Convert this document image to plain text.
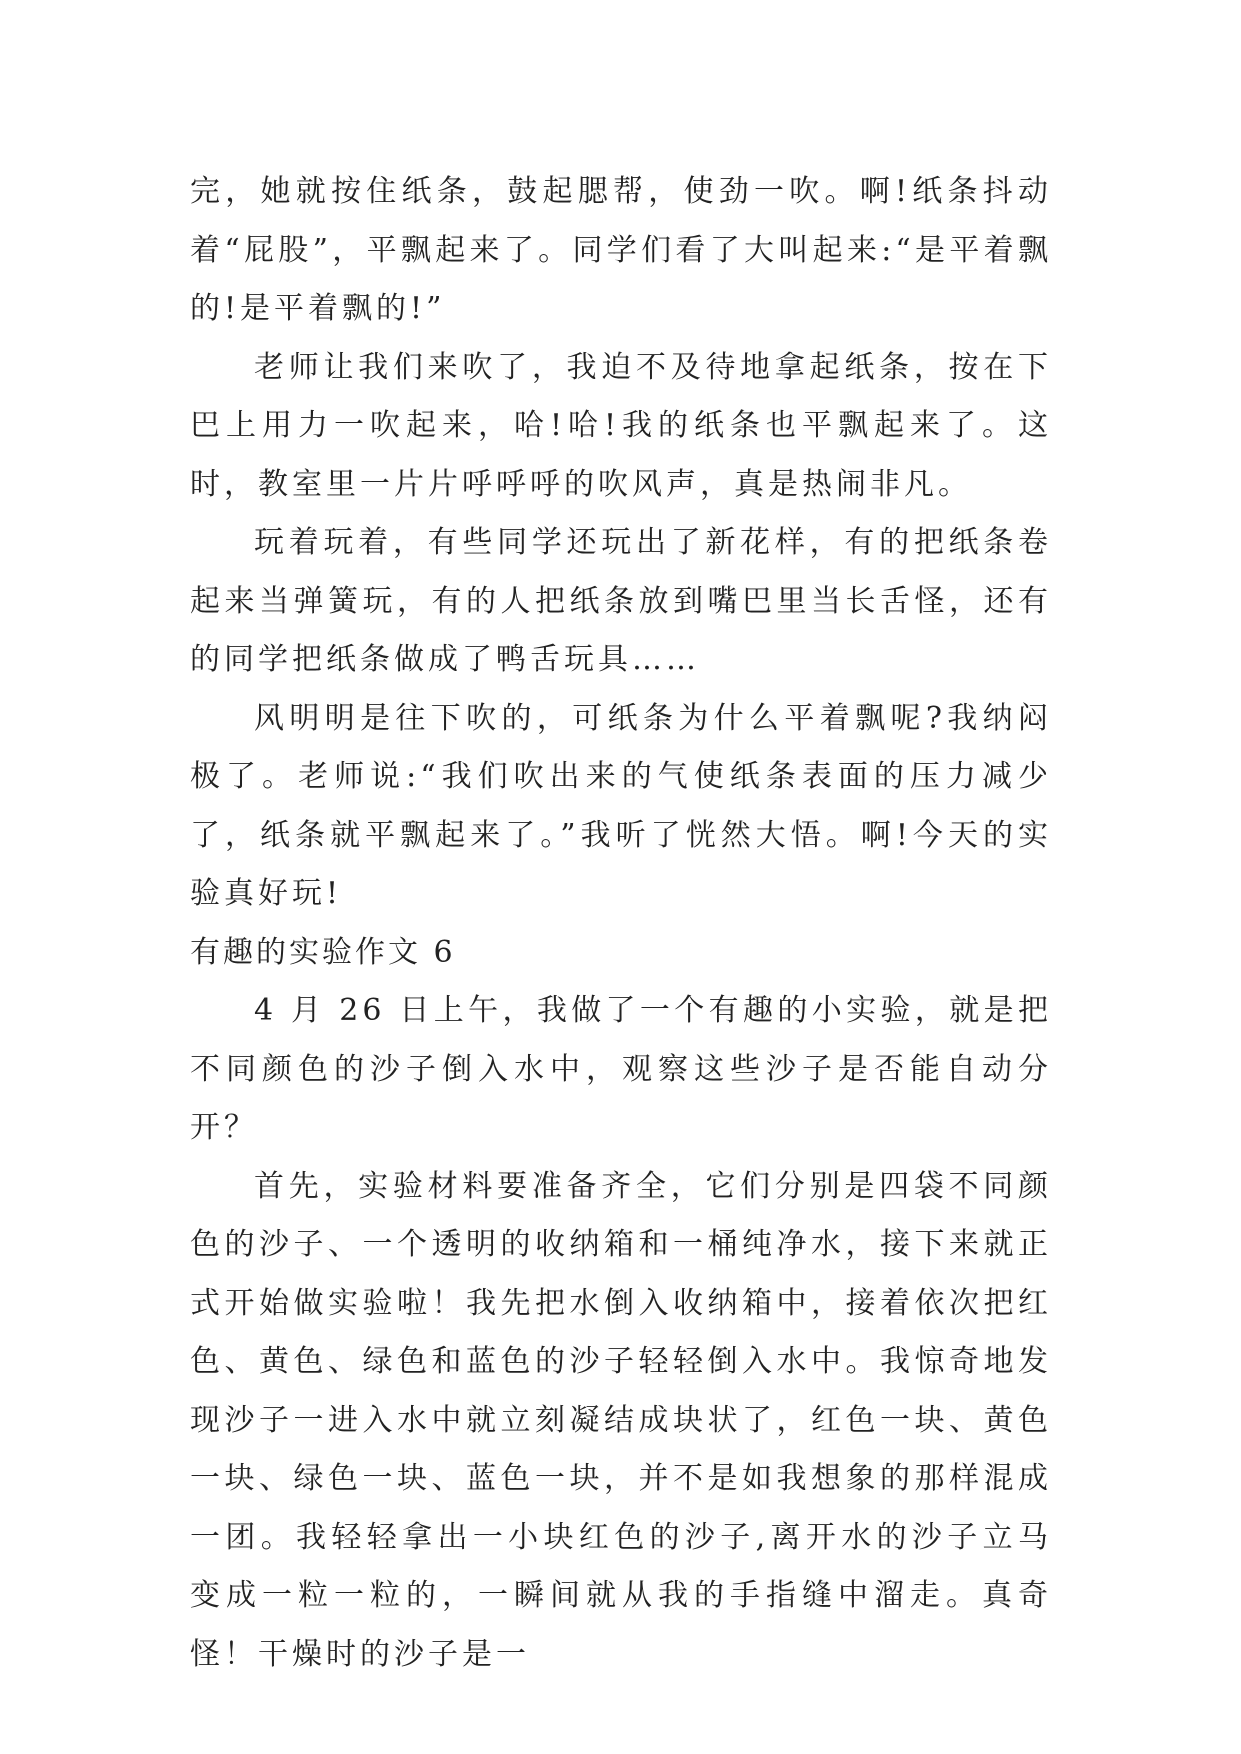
完，她就按住纸条，鼓起腮帮，使劲一吹。啊!纸条抖动着“屁股”，平飘起来了。同学们看了大叫起来:“是平着飘的!是平着飘的!”

老师让我们来吹了，我迫不及待地拿起纸条，按在下巴上用力一吹起来，哈!哈!我的纸条也平飘起来了。这时，教室里一片片呼呼呼的吹风声，真是热闹非凡。

玩着玩着，有些同学还玩出了新花样，有的把纸条卷起来当弹簧玩，有的人把纸条放到嘴巴里当长舌怪，还有的同学把纸条做成了鸭舌玩具……

风明明是往下吹的，可纸条为什么平着飘呢?我纳闷极了。老师说:“我们吹出来的气使纸条表面的压力减少了，纸条就平飘起来了。”我听了恍然大悟。啊!今天的实验真好玩!

有趣的实验作文 6

4 月 26 日上午，我做了一个有趣的小实验，就是把不同颜色的沙子倒入水中，观察这些沙子是否能自动分开？

首先，实验材料要准备齐全，它们分别是四袋不同颜色的沙子、一个透明的收纳箱和一桶纯净水，接下来就正式开始做实验啦！我先把水倒入收纳箱中，接着依次把红色、黄色、绿色和蓝色的沙子轻轻倒入水中。我惊奇地发现沙子一进入水中就立刻凝结成块状了，红色一块、黄色一块、绿色一块、蓝色一块，并不是如我想象的那样混成一团。我轻轻拿出一小块红色的沙子,离开水的沙子立马变成一粒一粒的，一瞬间就从我的手指缝中溜走。真奇怪！干燥时的沙子是一
